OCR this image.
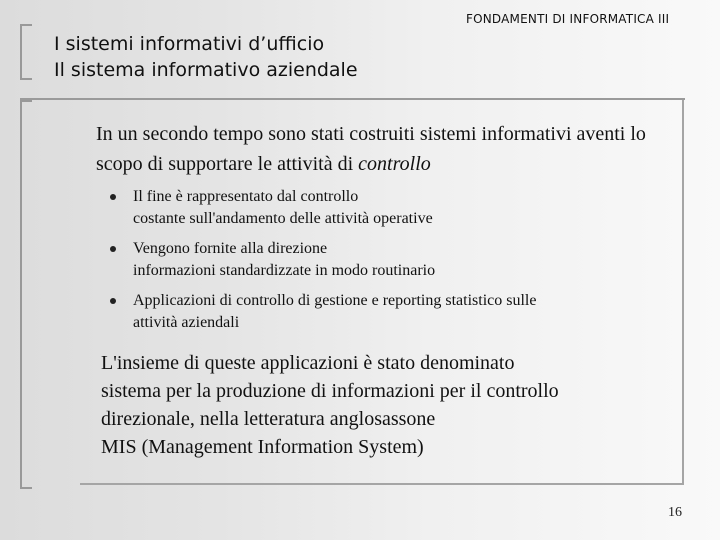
I sistemi informativi d’ufficio
Il sistema informativo aziendale
FONDAMENTI DI INFORMATICA III
In un secondo tempo sono stati costruiti sistemi informativi aventi lo scopo di supportare le attività di controllo
Il fine è rappresentato dal controllo
costante sull'andamento delle attività operative
Vengono fornite alla direzione
informazioni standardizzate in modo routinario
Applicazioni di controllo di gestione e reporting statistico sulle
attività aziendali
L'insieme di queste applicazioni è stato denominato
sistema per la produzione di informazioni per il controllo
direzionale, nella letteratura anglosassone
MIS (Management Information System)
16
